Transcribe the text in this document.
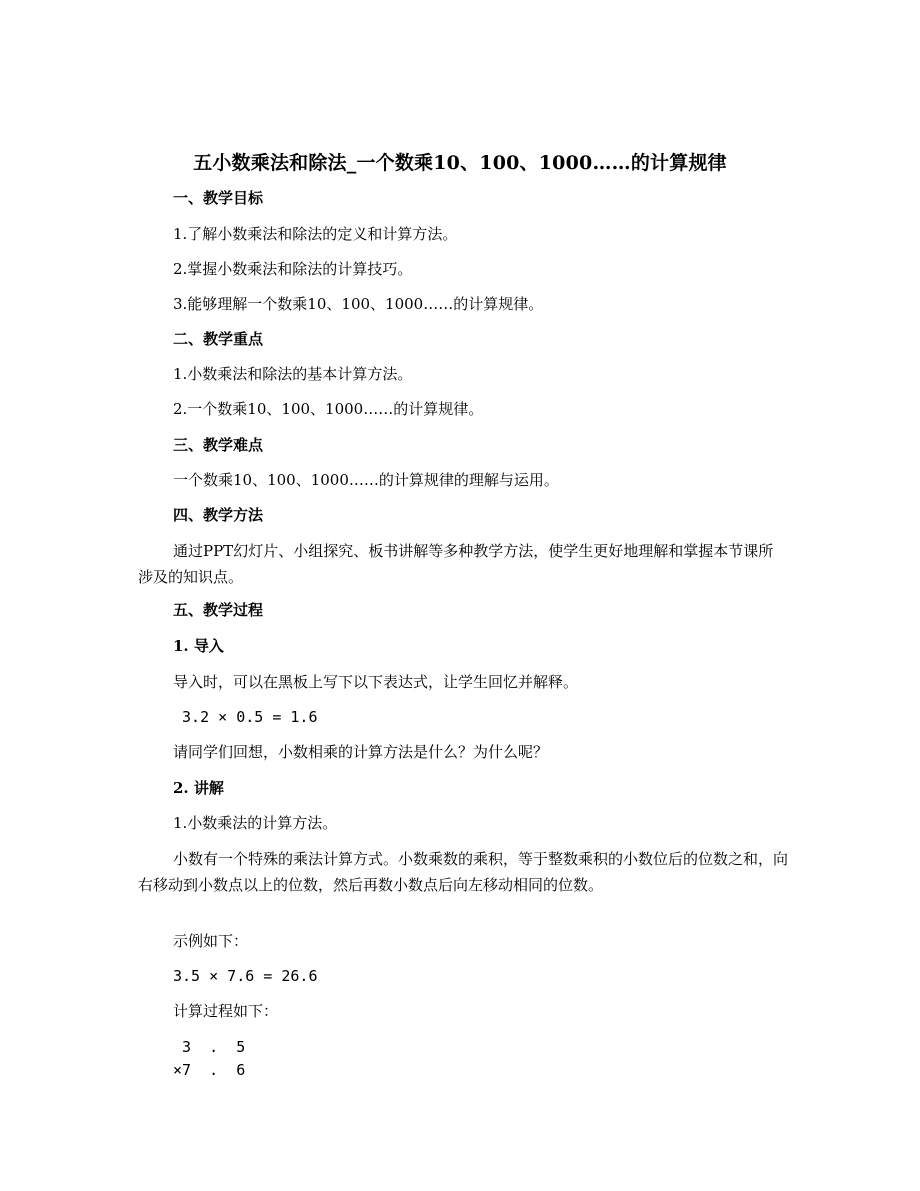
五小数乘法和除法_一个数乘10、100、1000……的计算规律
一、教学目标
1.了解小数乘法和除法的定义和计算方法。
2.掌握小数乘法和除法的计算技巧。
3.能够理解一个数乘10、100、1000……的计算规律。
二、教学重点
1.小数乘法和除法的基本计算方法。
2.一个数乘10、100、1000……的计算规律。
三、教学难点
一个数乘10、100、1000……的计算规律的理解与运用。
四、教学方法
通过PPT幻灯片、小组探究、板书讲解等多种教学方法，使学生更好地理解和掌握本节课所涉及的知识点。
五、教学过程
1. 导入
导入时，可以在黑板上写下以下表达式，让学生回忆并解释。
3.2 × 0.5 = 1.6
请同学们回想，小数相乘的计算方法是什么？为什么呢？
2. 讲解
1.小数乘法的计算方法。
小数有一个特殊的乘法计算方式。小数乘数的乘积，等于整数乘积的小数位后的位数之和，向右移动到小数点以上的位数，然后再数小数点后向左移动相同的位数。
示例如下：
3.5 × 7.6 = 26.6
计算过程如下：
3  .  5
×7  .  6
